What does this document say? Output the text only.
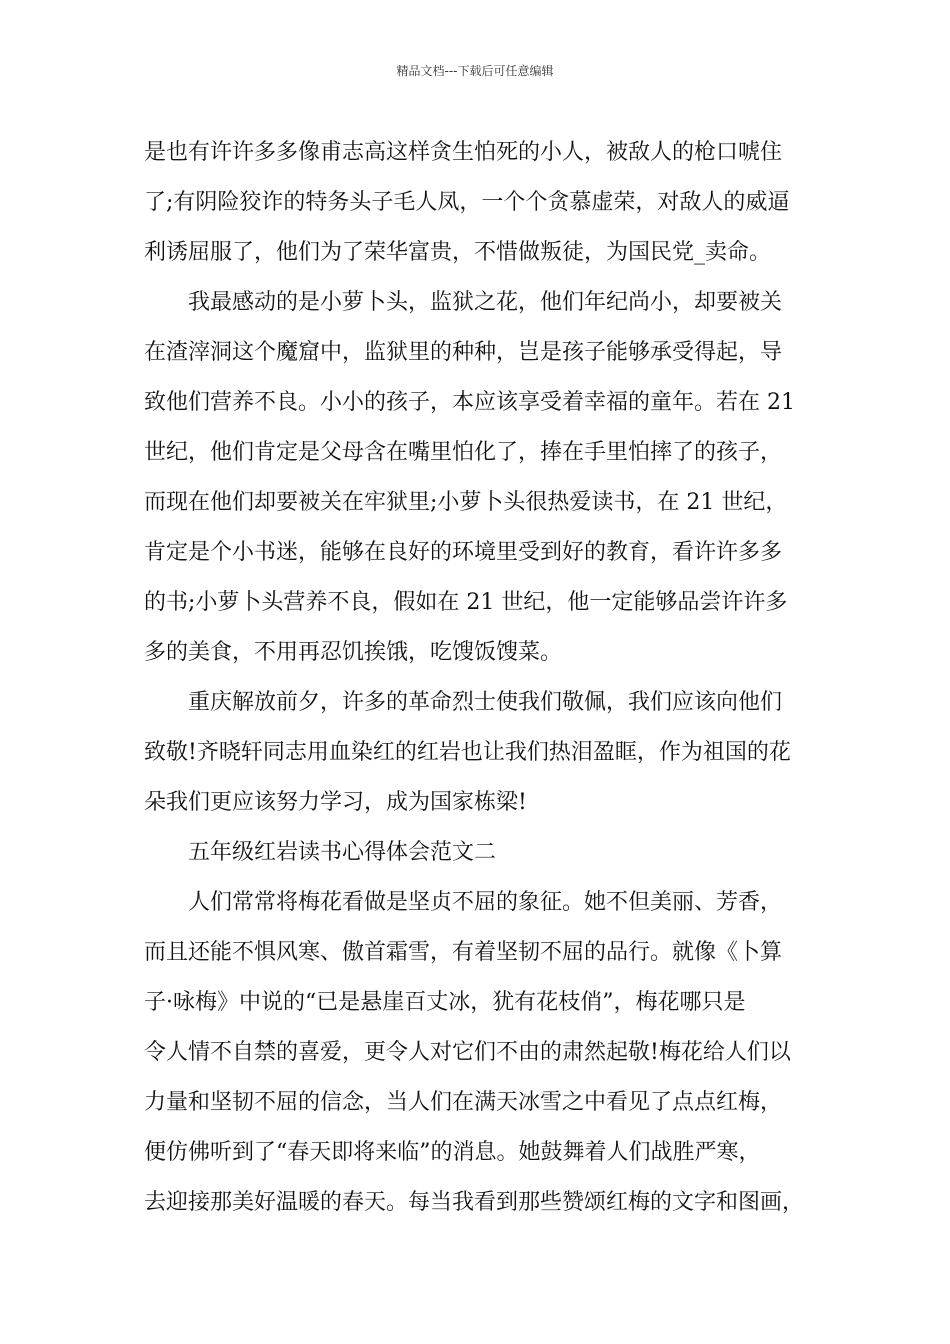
精品文档---下载后可任意编辑
是也有许许多多像甫志高这样贪生怕死的小人，被敌人的枪口唬住
了;有阴险狡诈的特务头子毛人凤，一个个贪慕虚荣，对敌人的威逼
利诱屈服了，他们为了荣华富贵，不惜做叛徒，为国民党_卖命。
我最感动的是小萝卜头，监狱之花，他们年纪尚小，却要被关
在渣滓洞这个魔窟中，监狱里的种种，岂是孩子能够承受得起，导
致他们营养不良。小小的孩子，本应该享受着幸福的童年。若在 21
世纪，他们肯定是父母含在嘴里怕化了，捧在手里怕摔了的孩子，
而现在他们却要被关在牢狱里;小萝卜头很热爱读书，在 21 世纪，
肯定是个小书迷，能够在良好的环境里受到好的教育，看许许多多
的书;小萝卜头营养不良，假如在 21 世纪，他一定能够品尝许许多
多的美食，不用再忍饥挨饿，吃馊饭馊菜。
重庆解放前夕，许多的革命烈士使我们敬佩，我们应该向他们
致敬!齐晓轩同志用血染红的红岩也让我们热泪盈眶，作为祖国的花
朵我们更应该努力学习，成为国家栋梁!
五年级红岩读书心得体会范文二
人们常常将梅花看做是坚贞不屈的象征。她不但美丽、芳香，
而且还能不惧风寒、傲首霜雪，有着坚韧不屈的品行。就像《卜算
子·咏梅》中说的“已是悬崖百丈冰，犹有花枝俏”，梅花哪只是
令人情不自禁的喜爱，更令人对它们不由的肃然起敬!梅花给人们以
力量和坚韧不屈的信念，当人们在满天冰雪之中看见了点点红梅，
便仿佛听到了“春天即将来临”的消息。她鼓舞着人们战胜严寒，
去迎接那美好温暖的春天。每当我看到那些赞颂红梅的文字和图画，
